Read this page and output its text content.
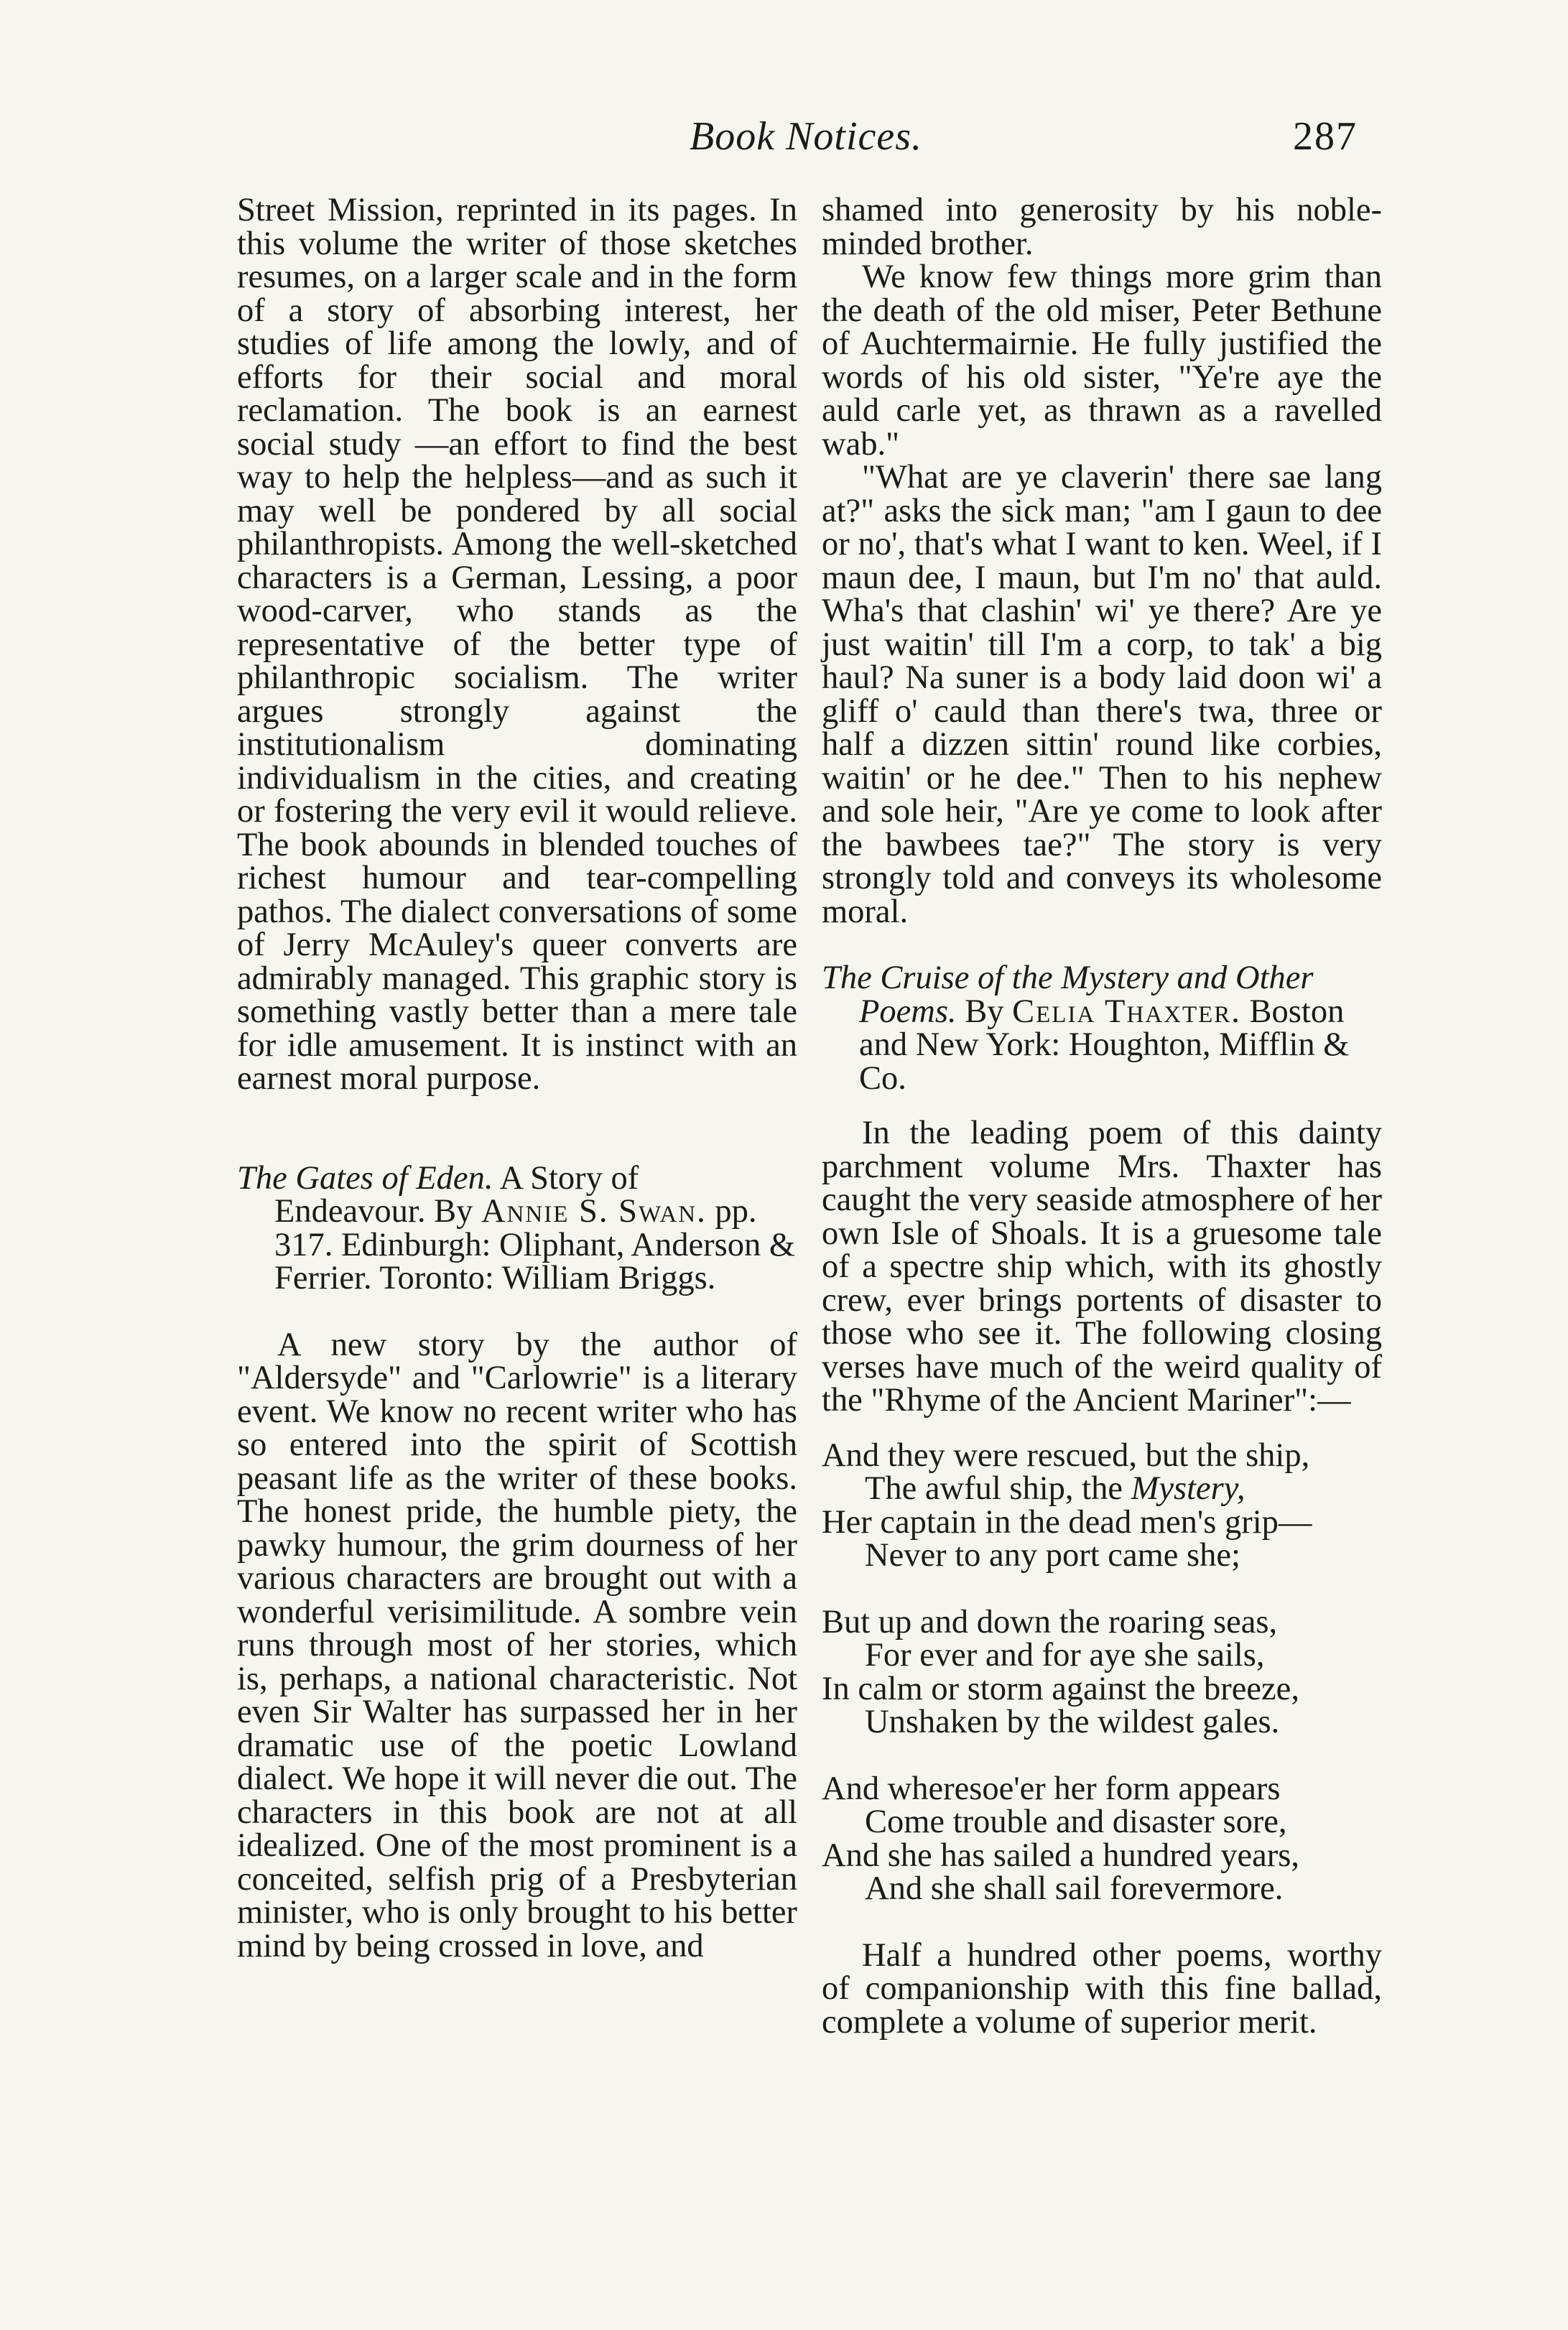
Book Notices.	287

Street Mission, reprinted in its pages. In this volume the writer of those sketches resumes, on a larger scale and in the form of a story of absorbing interest, her studies of life among the lowly, and of efforts for their social and moral reclamation. The book is an earnest social study —an effort to find the best way to help the helpless—and as such it may well be pondered by all social philanthropists. Among the well-sketched characters is a German, Lessing, a poor wood-carver, who stands as the representative of the better type of philanthropic socialism. The writer argues strongly against the institutionalism dominating individualism in the cities, and creating or fostering the very evil it would relieve. The book abounds in blended touches of richest humour and tear-compelling pathos. The dialect conversations of some of Jerry McAuley's queer converts are admirably managed. This graphic story is something vastly better than a mere tale for idle amusement. It is instinct with an earnest moral purpose.

The Gates of Eden. A Story of Endeavour. By Annie S. Swan. pp. 317. Edinburgh: Oliphant, Anderson & Ferrier. Toronto: William Briggs.

A new story by the author of "Aldersyde" and "Carlowrie" is a literary event. We know no recent writer who has so entered into the spirit of Scottish peasant life as the writer of these books. The honest pride, the humble piety, the pawky humour, the grim dourness of her various characters are brought out with a wonderful verisimilitude. A sombre vein runs through most of her stories, which is, perhaps, a national characteristic. Not even Sir Walter has surpassed her in her dramatic use of the poetic Lowland dialect. We hope it will never die out. The characters in this book are not at all idealized. One of the most prominent is a conceited, selfish prig of a Presbyterian minister, who is only brought to his better mind by being crossed in love, and

shamed into generosity by his noble-minded brother.

We know few things more grim than the death of the old miser, Peter Bethune of Auchtermairnie. He fully justified the words of his old sister, "Ye're aye the auld carle yet, as thrawn as a ravelled wab."

"What are ye claverin' there sae lang at?" asks the sick man; "am I gaun to dee or no', that's what I want to ken. Weel, if I maun dee, I maun, but I'm no' that auld. Wha's that clashin' wi' ye there? Are ye just waitin' till I'm a corp, to tak' a big haul? Na suner is a body laid doon wi' a gliff o' cauld than there's twa, three or half a dizzen sittin' round like corbies, waitin' or he dee." Then to his nephew and sole heir, "Are ye come to look after the bawbees tae?" The story is very strongly told and conveys its wholesome moral.

The Cruise of the Mystery and Other Poems. By Celia Thaxter. Boston and New York: Houghton, Mifflin & Co.

In the leading poem of this dainty parchment volume Mrs. Thaxter has caught the very seaside atmosphere of her own Isle of Shoals. It is a gruesome tale of a spectre ship which, with its ghostly crew, ever brings portents of disaster to those who see it. The following closing verses have much of the weird quality of the "Rhyme of the Ancient Mariner":—

And they were rescued, but the ship,
The awful ship, the Mystery,
Her captain in the dead men's grip—
Never to any port came she;
But up and down the roaring seas,
For ever and for aye she sails,
In calm or storm against the breeze,
Unshaken by the wildest gales.
And wheresoe'er her form appears
Come trouble and disaster sore,
And she has sailed a hundred years,
And she shall sail forevermore.

Half a hundred other poems, worthy of companionship with this fine ballad, complete a volume of superior merit.
